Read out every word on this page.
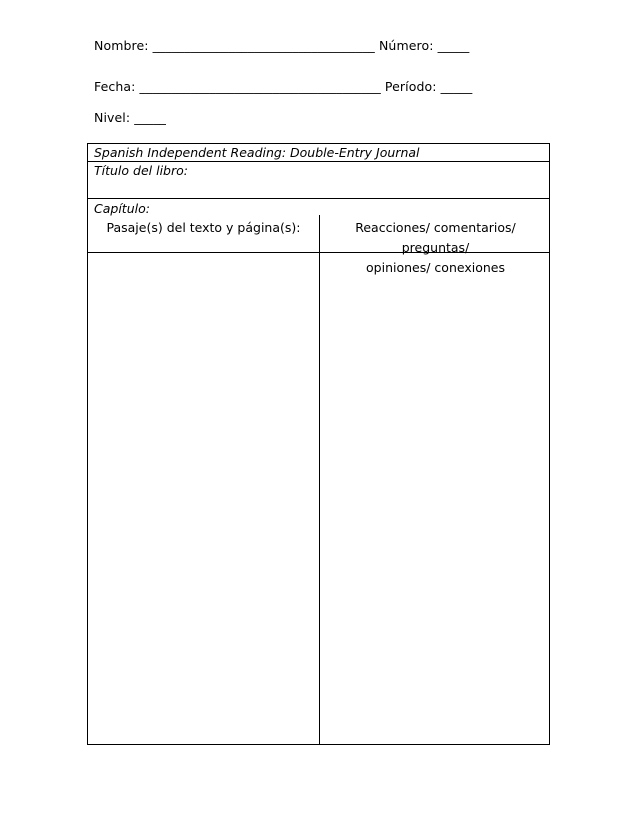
Nombre: ___________________________________ Número: _____
Fecha: ______________________________________ Período: _____
Nivel: _____
Spanish Independent Reading: Double-Entry Journal
Título del libro:
Capítulo:
Pasaje(s) del texto y página(s):	Reacciones/ comentarios/ preguntas/
opiniones/ conexiones
